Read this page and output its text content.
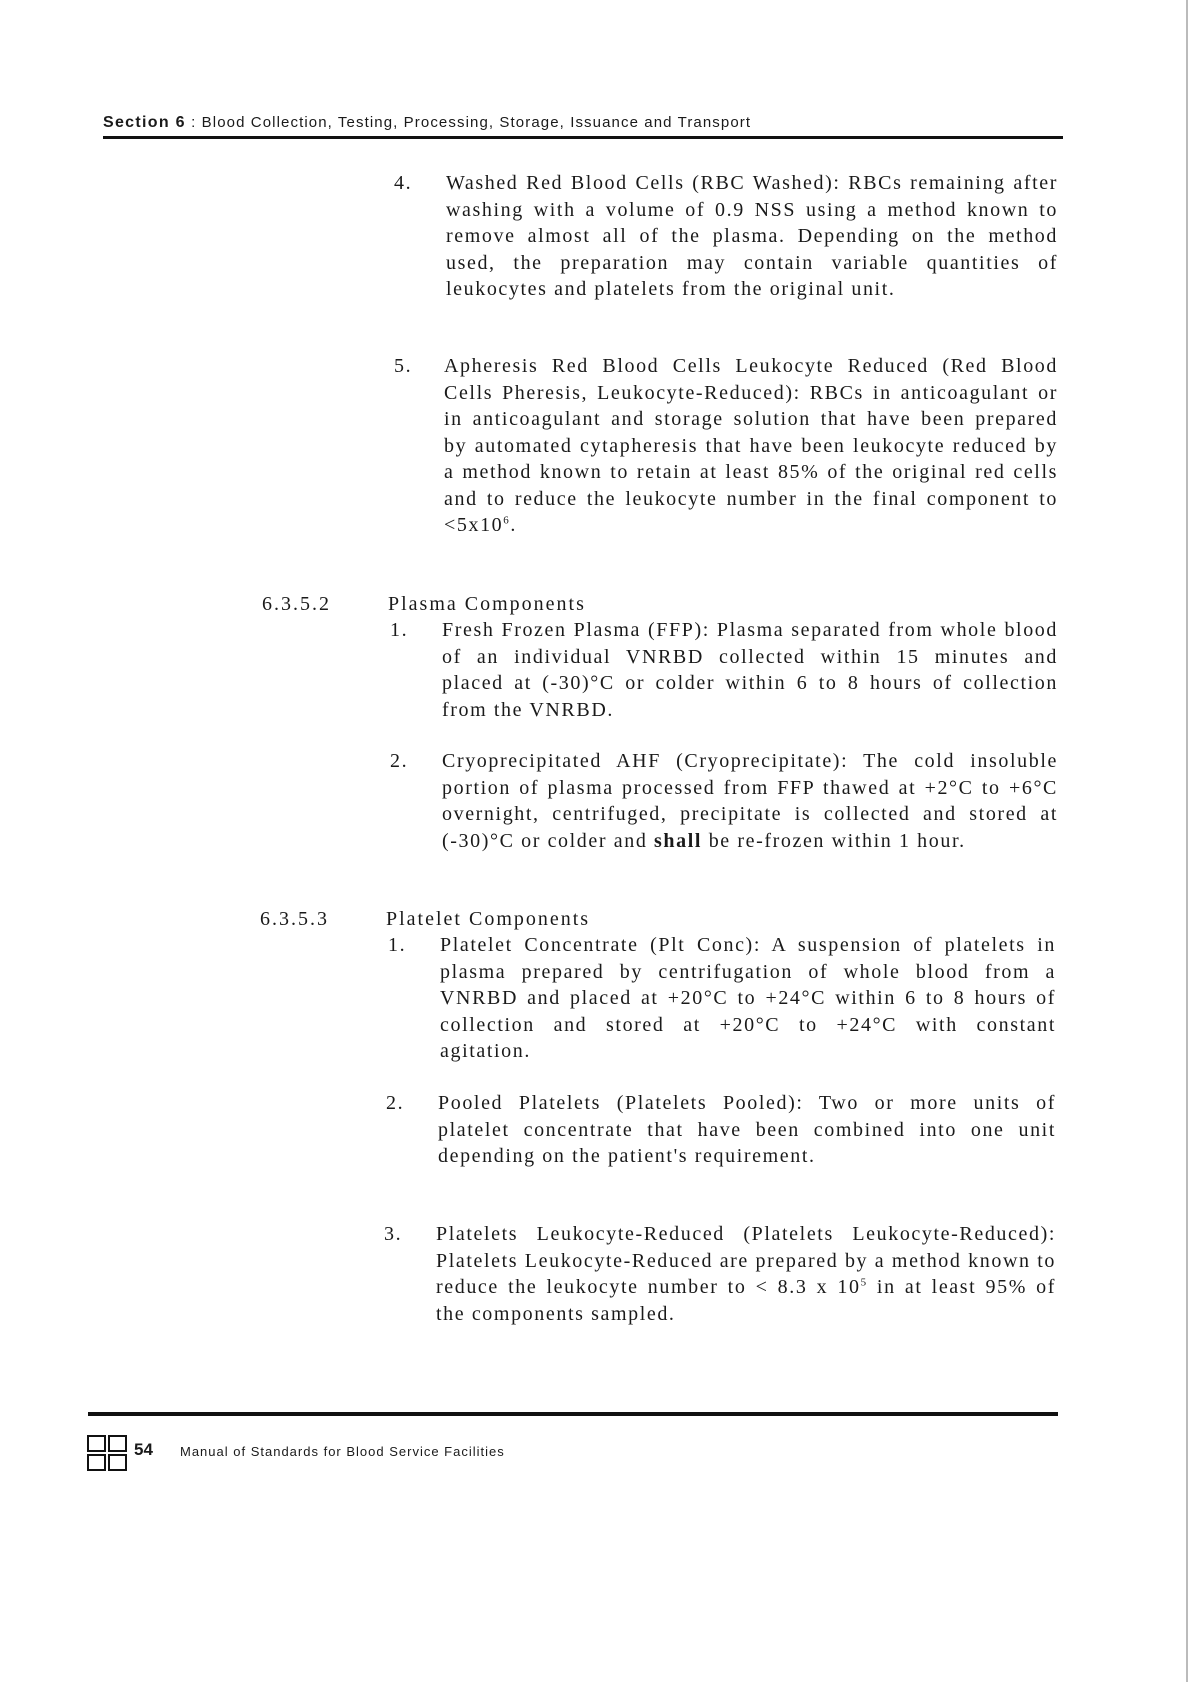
Section 6 : Blood Collection, Testing, Processing, Storage, Issuance and Transport
4. Washed Red Blood Cells (RBC Washed): RBCs remaining after washing with a volume of 0.9 NSS using a method known to remove almost all of the plasma. Depending on the method used, the preparation may contain variable quantities of leukocytes and platelets from the original unit.

5. Apheresis Red Blood Cells Leukocyte Reduced (Red Blood Cells Pheresis, Leukocyte-Reduced): RBCs in anticoagulant or in anticoagulant and storage solution that have been prepared by automated cytapheresis that have been leukocyte reduced by a method known to retain at least 85% of the original red cells and to reduce the leukocyte number in the final component to $<5x10^6$.

6.3.5.2	Plasma Components
1. Fresh Frozen Plasma (FFP): Plasma separated from whole blood of an individual VNRBD collected within 15 minutes and placed at (-30)°C or colder within 6 to 8 hours of collection from the VNRBD.

2. Cryoprecipitated AHF (Cryoprecipitate): The cold insoluble portion of plasma processed from FFP thawed at +2°C to +6°C overnight, centrifuged, precipitate is collected and stored at (-30)°C or colder and shall be re-frozen within 1 hour.

6.3.5.3	Platelet Components
1. Platelet Concentrate (Plt Conc): A suspension of platelets in plasma prepared by centrifugation of whole blood from a VNRBD and placed at +20°C to +24°C within 6 to 8 hours of collection and stored at +20°C to +24°C with constant agitation.

2. Pooled Platelets (Platelets Pooled): Two or more units of platelet concentrate that have been combined into one unit depending on the patient's requirement.

3. Platelets Leukocyte-Reduced (Platelets Leukocyte-Reduced): Platelets Leukocyte-Reduced are prepared by a method known to reduce the leukocyte number to < 8.3 x $10^5$ in at least 95% of the components sampled.

54 Manual of Standards for Blood Service Facilities
